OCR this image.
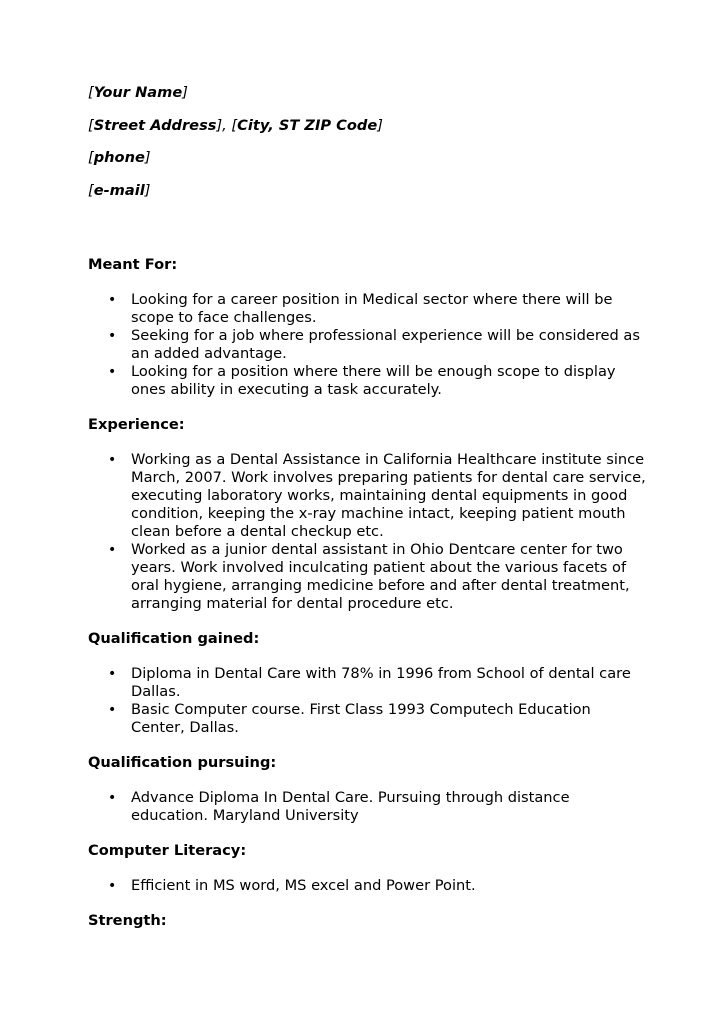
[Your Name]

[Street Address], [City, ST ZIP Code]

[phone]

[e-mail]

Meant For:
• Looking for a career position in Medical sector where there will be scope to face challenges.
• Seeking for a job where professional experience will be considered as an added advantage.
• Looking for a position where there will be enough scope to display ones ability in executing a task accurately.
Experience:
• Working as a Dental Assistance in California Healthcare institute since March, 2007. Work involves preparing patients for dental care service, executing laboratory works, maintaining dental equipments in good condition, keeping the x-ray machine intact, keeping patient mouth clean before a dental checkup etc.
• Worked as a junior dental assistant in Ohio Dentcare center for two years. Work involved inculcating patient about the various facets of oral hygiene, arranging medicine before and after dental treatment, arranging material for dental procedure etc.
Qualification gained:
• Diploma in Dental Care with 78% in 1996 from School of dental care Dallas.
• Basic Computer course. First Class 1993 Computech Education Center, Dallas.
Qualification pursuing:
• Advance Diploma In Dental Care. Pursuing through distance education. Maryland University
Computer Literacy:
• Efficient in MS word, MS excel and Power Point.
Strength:
